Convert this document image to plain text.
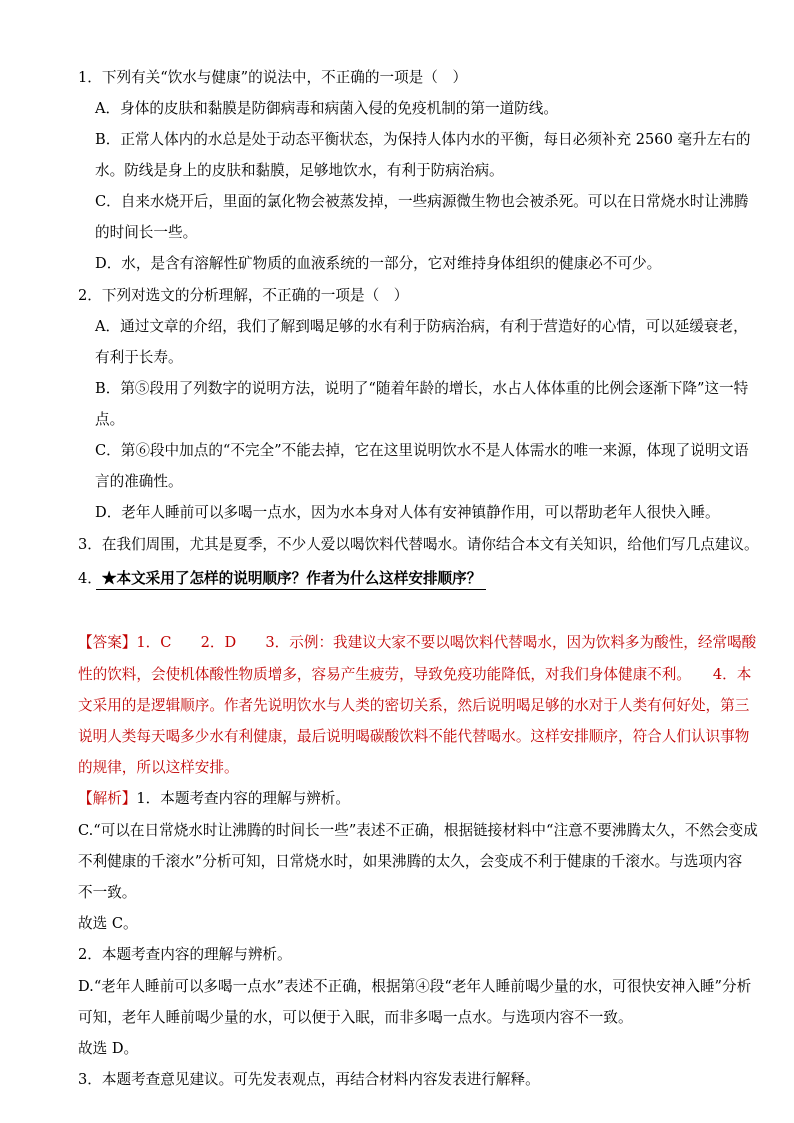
1．下列有关“饮水与健康”的说法中，不正确的一项是（　）
A．身体的皮肤和黏膜是防御病毒和病菌入侵的免疫机制的第一道防线。
B．正常人体内的水总是处于动态平衡状态，为保持人体内水的平衡，每日必须补充 2560 毫升左右的
水。防线是身上的皮肤和黏膜，足够地饮水，有利于防病治病。
C．自来水烧开后，里面的氯化物会被蒸发掉，一些病源微生物也会被杀死。可以在日常烧水时让沸腾
的时间长一些。
D．水，是含有溶解性矿物质的血液系统的一部分，它对维持身体组织的健康必不可少。
2．下列对选文的分析理解，不正确的一项是（　）
A．通过文章的介绍，我们了解到喝足够的水有利于防病治病，有利于营造好的心情，可以延缓衰老，
有利于长寿。
B．第⑤段用了列数字的说明方法，说明了“随着年龄的增长，水占人体体重的比例会逐渐下降”这一特
点。
C．第⑥段中加点的“不完全”不能去掉，它在这里说明饮水不是人体需水的唯一来源，体现了说明文语
言的准确性。
D．老年人睡前可以多喝一点水，因为水本身对人体有安神镇静作用，可以帮助老年人很快入睡。
3．在我们周围，尤其是夏季，不少人爱以喝饮料代替喝水。请你结合本文有关知识，给他们写几点建议。
4．★本文采用了怎样的说明顺序？作者为什么这样安排顺序？
【答案】1．C　　2．D　　3．示例：我建议大家不要以喝饮料代替喝水，因为饮料多为酸性，经常喝酸
性的饮料，会使机体酸性物质增多，容易产生疲劳，导致免疫功能降低，对我们身体健康不利。　　4．本
文采用的是逻辑顺序。作者先说明饮水与人类的密切关系，然后说明喝足够的水对于人类有何好处，第三
说明人类每天喝多少水有利健康，最后说明喝碳酸饮料不能代替喝水。这样安排顺序，符合人们认识事物
的规律，所以这样安排。
【解析】1．本题考查内容的理解与辨析。
C.“可以在日常烧水时让沸腾的时间长一些”表述不正确，根据链接材料中“注意不要沸腾太久，不然会变成
不利健康的千滚水”分析可知，日常烧水时，如果沸腾的太久，会变成不利于健康的千滚水。与选项内容
不一致。
故选 C。
2．本题考查内容的理解与辨析。
D.“老年人睡前可以多喝一点水”表述不正确，根据第④段“老年人睡前喝少量的水，可很快安神入睡”分析
可知，老年人睡前喝少量的水，可以便于入眠，而非多喝一点水。与选项内容不一致。
故选 D。
3．本题考查意见建议。可先发表观点，再结合材料内容发表进行解释。
